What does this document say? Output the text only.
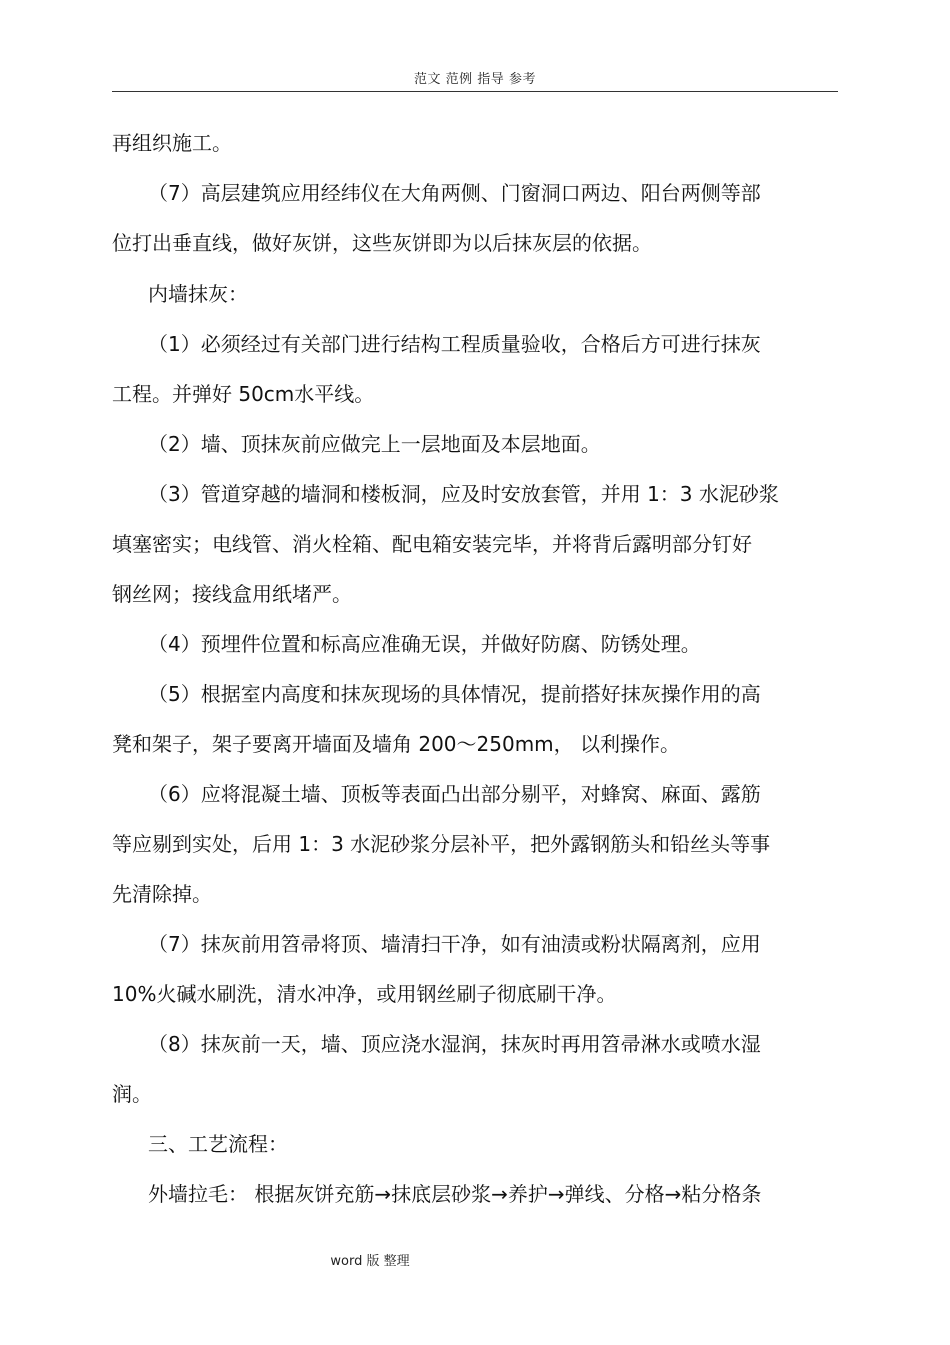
范文 范例 指导 参考
再组织施工。
（7）高层建筑应用经纬仪在大角两侧、门窗洞口两边、阳台两侧等部
位打出垂直线，做好灰饼，这些灰饼即为以后抹灰层的依据。
内墙抹灰：
（1）必须经过有关部门进行结构工程质量验收，合格后方可进行抹灰
工程。并弹好 50cm水平线。
（2）墙、顶抹灰前应做完上一层地面及本层地面。
（3）管道穿越的墙洞和楼板洞，应及时安放套管，并用 1：3 水泥砂浆
填塞密实；电线管、消火栓箱、配电箱安装完毕，并将背后露明部分钉好
钢丝网；接线盒用纸堵严。
（4）预埋件位置和标高应准确无误，并做好防腐、防锈处理。
（5）根据室内高度和抹灰现场的具体情况，提前搭好抹灰操作用的高
凳和架子，架子要离开墙面及墙角 200～250mm， 以利操作。
（6）应将混凝土墙、顶板等表面凸出部分剔平，对蜂窝、麻面、露筋
等应剔到实处，后用 1：3 水泥砂浆分层补平，把外露钢筋头和铅丝头等事
先清除掉。
（7）抹灰前用笤帚将顶、墙清扫干净，如有油渍或粉状隔离剂，应用
10%火碱水刷洗，清水冲净，或用钢丝刷子彻底刷干净。
（8）抹灰前一天，墙、顶应浇水湿润，抹灰时再用笤帚淋水或喷水湿
润。
三、工艺流程：
外墙拉毛： 根据灰饼充筋→抹底层砂浆→养护→弹线、分格→粘分格条
word 版 整理
